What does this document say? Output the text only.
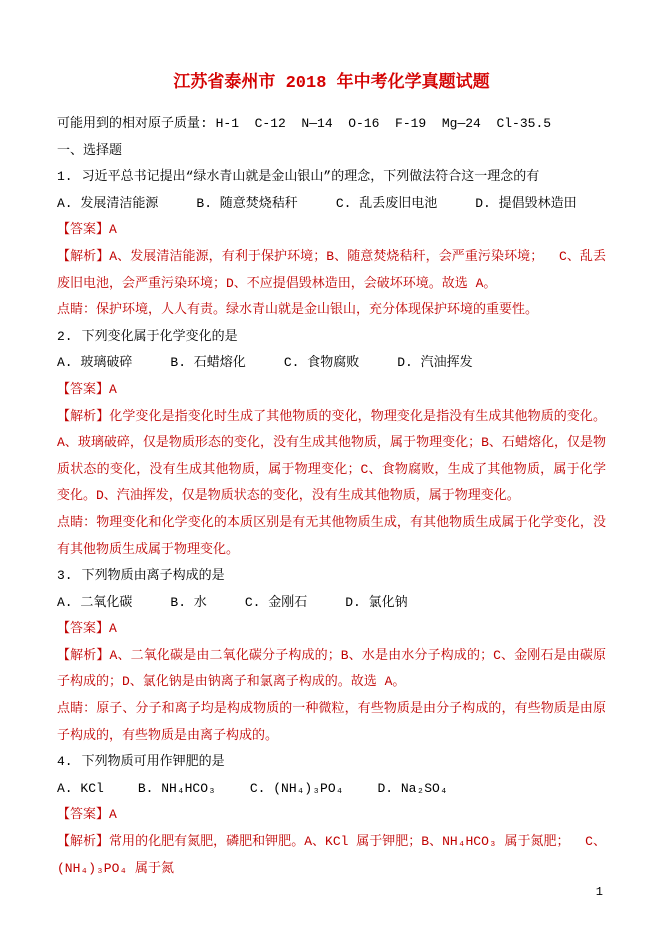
江苏省泰州市 2018 年中考化学真题试题

可能用到的相对原子质量: H-1  C-12  N—14  O-16  F-19  Mg—24  Cl-35.5

一、选择题

1. 习近平总书记提出“绿水青山就是金山银山”的理念，下列做法符合这一理念的有

A. 发展清洁能源	B. 随意焚烧秸秆	C. 乱丢废旧电池	D. 提倡毁林造田

【答案】A

【解析】A、发展清洁能源，有利于保护环境；B、随意焚烧秸秆，会严重污染环境；  C、乱丢废旧电池，会严重污染环境；D、不应提倡毁林造田，会破坏环境。故选 A。

点睛：保护环境，人人有责。绿水青山就是金山银山，充分体现保护环境的重要性。

2. 下列变化属于化学变化的是

A. 玻璃破碎	B. 石蜡熔化	C. 食物腐败	D. 汽油挥发

【答案】A

【解析】化学变化是指变化时生成了其他物质的变化，物理变化是指没有生成其他物质的变化。A、玻璃破碎，仅是物质形态的变化，没有生成其他物质，属于物理变化；B、石蜡熔化，仅是物质状态的变化，没有生成其他物质，属于物理变化；C、食物腐败，生成了其他物质，属于化学变化。D、汽油挥发，仅是物质状态的变化，没有生成其他物质，属于物理变化。

点睛：物理变化和化学变化的本质区别是有无其他物质生成，有其他物质生成属于化学变化，没有其他物质生成属于物理变化。

3. 下列物质由离子构成的是

A. 二氧化碳	B. 水	C. 金刚石	D. 氯化钠

【答案】A

【解析】A、二氧化碳是由二氧化碳分子构成的；B、水是由水分子构成的；C、金刚石是由碳原子构成的；D、氯化钠是由钠离子和氯离子构成的。故选 A。

点睛：原子、分子和离子均是构成物质的一种微粒，有些物质是由分子构成的，有些物质是由原子构成的，有些物质是由离子构成的。

4. 下列物质可用作钾肥的是

A. KCl	B. NH₄HCO₃	C. (NH₄)₃PO₄	D. Na₂SO₄

【答案】A

【解析】常用的化肥有氮肥，磷肥和钾肥。A、KCl 属于钾肥；B、NH₄HCO₃ 属于氮肥；  C、(NH₄)₃PO₄ 属于氮

1
